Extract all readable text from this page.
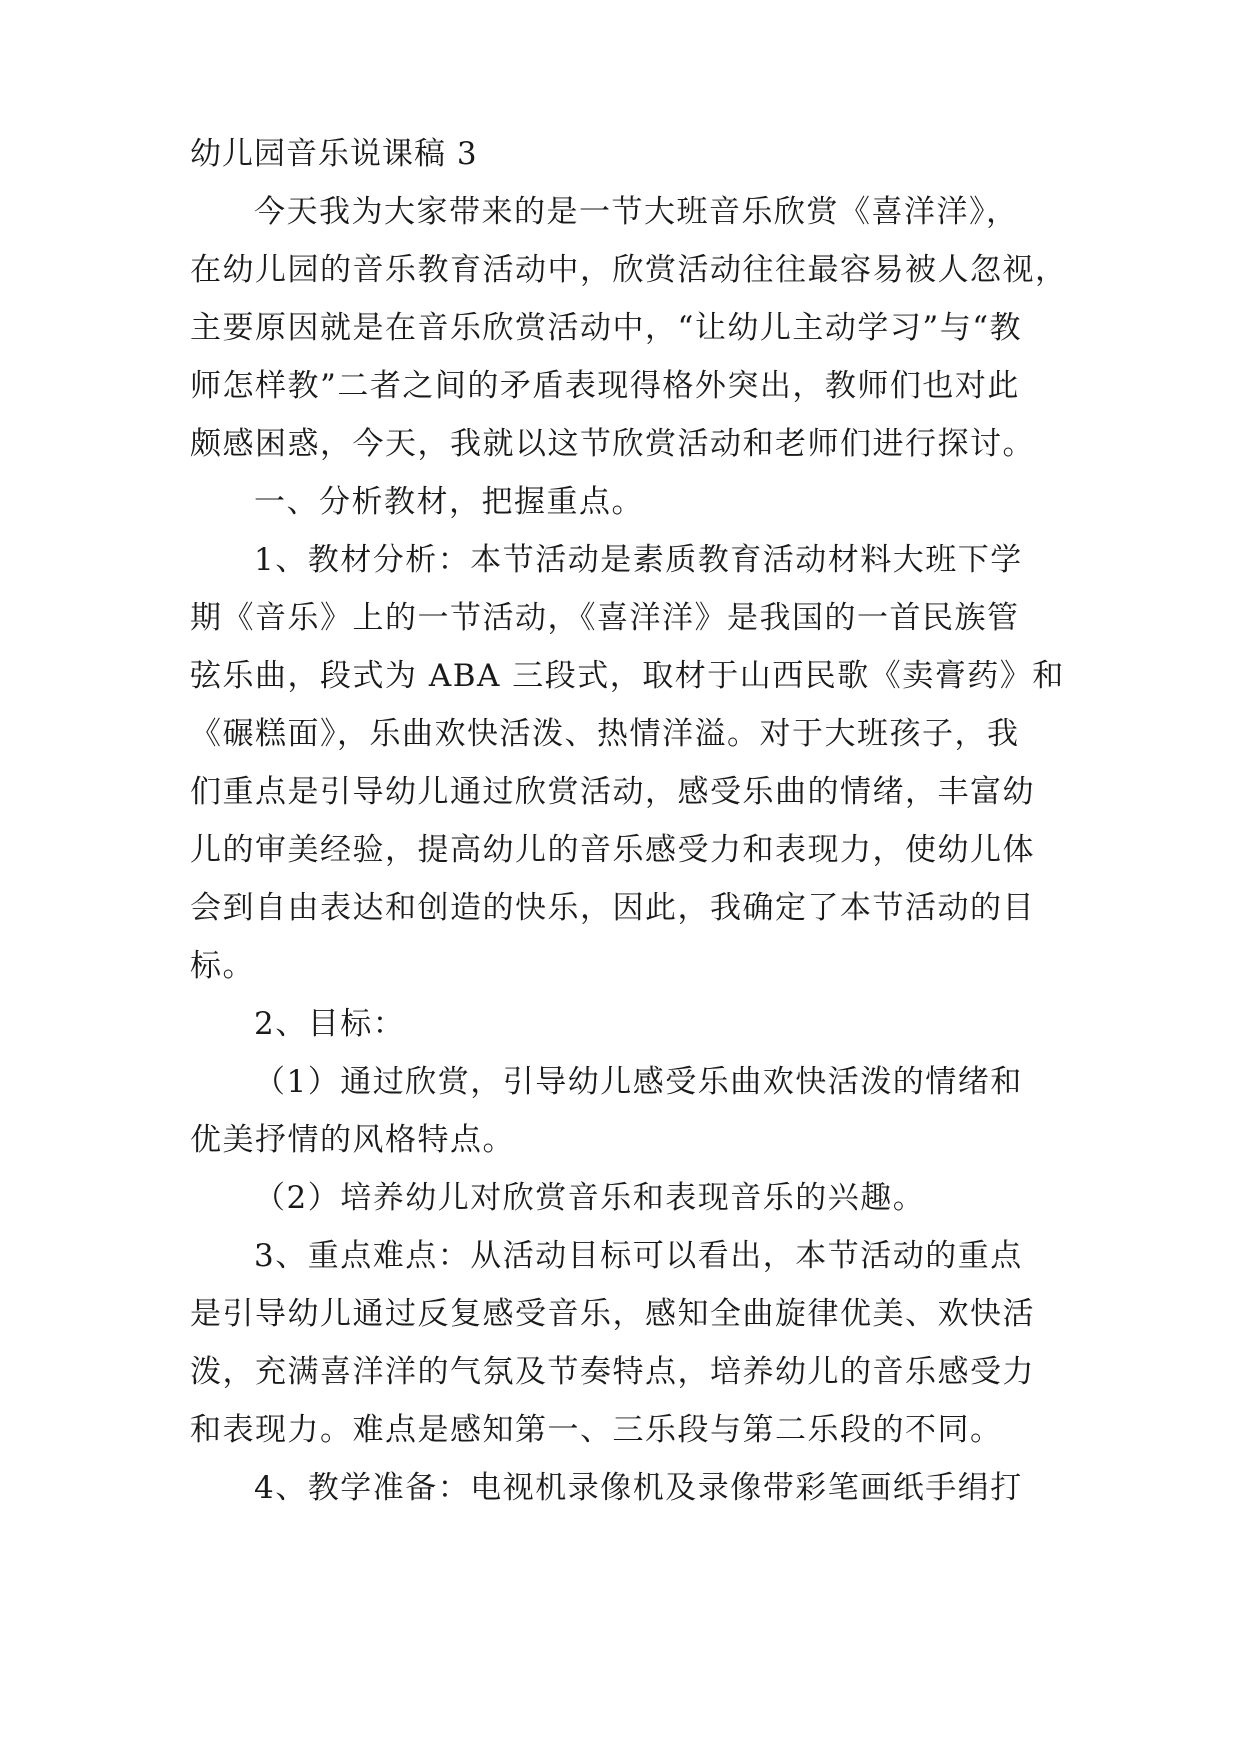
幼儿园音乐说课稿 3

今天我为大家带来的是一节大班音乐欣赏《喜洋洋》，

在幼儿园的音乐教育活动中，欣赏活动往往最容易被人忽视，

主要原因就是在音乐欣赏活动中，“让幼儿主动学习”与“教

师怎样教”二者之间的矛盾表现得格外突出，教师们也对此

颇感困惑，今天，我就以这节欣赏活动和老师们进行探讨。

一、分析教材，把握重点。

1、教材分析：本节活动是素质教育活动材料大班下学

期《音乐》上的一节活动，《喜洋洋》是我国的一首民族管

弦乐曲，段式为 ABA 三段式，取材于山西民歌《卖膏药》和

《碾糕面》，乐曲欢快活泼、热情洋溢。对于大班孩子，我

们重点是引导幼儿通过欣赏活动，感受乐曲的情绪，丰富幼

儿的审美经验，提高幼儿的音乐感受力和表现力，使幼儿体

会到自由表达和创造的快乐，因此，我确定了本节活动的目

标。

2、目标：

（1）通过欣赏，引导幼儿感受乐曲欢快活泼的情绪和

优美抒情的风格特点。

（2）培养幼儿对欣赏音乐和表现音乐的兴趣。

3、重点难点：从活动目标可以看出，本节活动的重点

是引导幼儿通过反复感受音乐，感知全曲旋律优美、欢快活

泼，充满喜洋洋的气氛及节奏特点，培养幼儿的音乐感受力

和表现力。难点是感知第一、三乐段与第二乐段的不同。

4、教学准备：电视机录像机及录像带彩笔画纸手绢打
